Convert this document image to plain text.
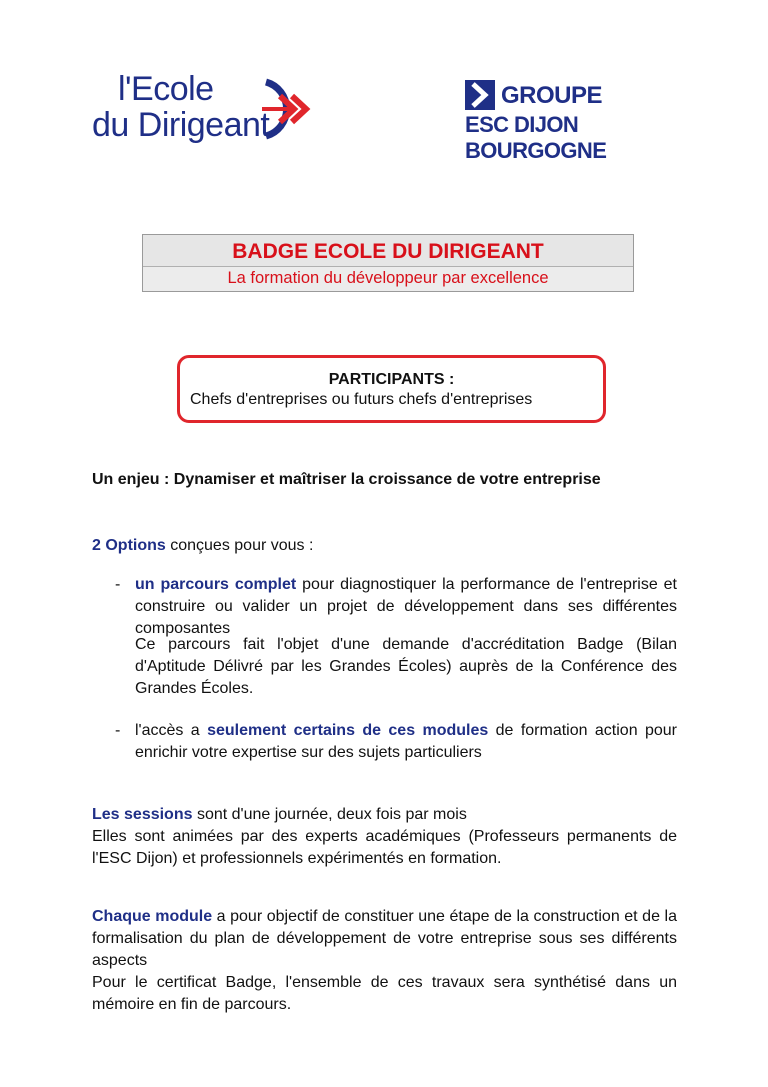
l'Ecole
du Dirigeant
GROUPE
ESC DIJON BOURGOGNE
BADGE ECOLE DU DIRIGEANT
La formation du développeur par excellence
PARTICIPANTS :
Chefs d'entreprises ou futurs chefs d'entreprises
Un enjeu : Dynamiser et maîtriser la croissance de votre entreprise
2 Options conçues pour vous :
- un parcours complet pour diagnostiquer la performance de l'entreprise et construire ou valider un projet de développement dans ses différentes composantes
Ce parcours fait l'objet d'une demande d'accréditation Badge (Bilan d'Aptitude Délivré par les Grandes Écoles) auprès de la Conférence des Grandes Écoles.
- l'accès a seulement certains de ces modules de formation action pour enrichir votre expertise sur des sujets particuliers
Les sessions sont d'une journée, deux fois par mois
Elles sont animées par des experts académiques (Professeurs permanents de l'ESC Dijon) et professionnels expérimentés en formation.
Chaque module a pour objectif de constituer une étape de la construction et de la formalisation du plan de développement de votre entreprise sous ses différents aspects
Pour le certificat Badge, l'ensemble de ces travaux sera synthétisé dans un mémoire en fin de parcours.
